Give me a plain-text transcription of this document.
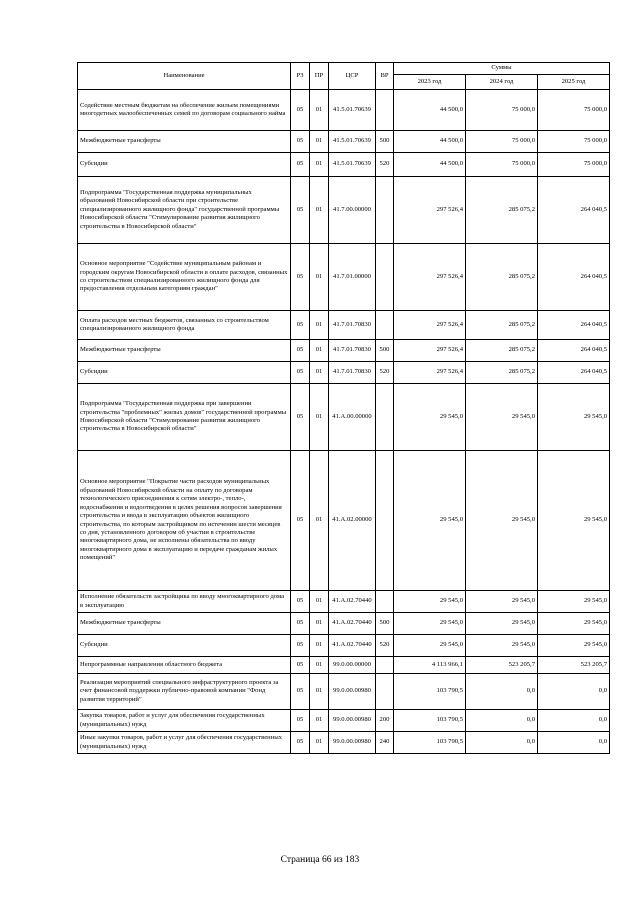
Наименование	РЗ	ПР	ЦСР	ВР	Суммы		
					2023 год	2024 год	2025 год
Содействие местным бюджетам на обеспечение жильем помещениями многодетных малообеспеченных семей по договорам социального найма	05	01	41.5.01.70639		44 500,0	75 000,0	75 000,0
Межбюджетные трансферты	05	01	41.5.01.70639	500	44 500,0	75 000,0	75 000,0
Субсидии	05	01	41.5.01.70639	520	44 500,0	75 000,0	75 000,0
Подпрограмма "Государственная поддержка муниципальных образований Новосибирской области при строительстве специализированного жилищного фонда" государственной программы Новосибирской области "Стимулирование развития жилищного строительства в Новосибирской области"	05	01	41.7.00.00000		297 526,4	285 075,2	264 040,5
Основное мероприятие "Содействие муниципальным районам и городским округам Новосибирской области в оплате расходов, связанных со строительством специализированного жилищного фонда для предоставления отдельным категориям граждан"	05	01	41.7.01.00000		297 526,4	285 075,2	264 040,5
Оплата расходов местных бюджетов, связанных со строительством специализированного жилищного фонда	05	01	41.7.01.70830		297 526,4	285 075,2	264 040,5
Межбюджетные трансферты	05	01	41.7.01.70830	500	297 526,4	285 075,2	264 040,5
Субсидии	05	01	41.7.01.70830	520	297 526,4	285 075,2	264 040,5
Подпрограмма "Государственная поддержка при завершении строительства "проблемных" жилых домов" государственной программы Новосибирской области "Стимулирование развития жилищного строительства в Новосибирской области"	05	01	41.А.00.00000		29 545,0	29 545,0	29 545,0
Основное мероприятие "Покрытие части расходов муниципальных образований Новосибирской области на оплату по договорам технологического присоединения к сетям электро-, тепло-, водоснабжения и водоотведения в целях решения вопросов завершения строительства и ввода в эксплуатацию объектов жилищного строительства, по которым застройщиком по истечении шести месяцев со дня, установленного договором об участии в строительстве многоквартирного дома, не исполнены обязательства по вводу многоквартирного дома в эксплуатацию и передаче гражданам жилых помещений"	05	01	41.А.02.00000		29 545,0	29 545,0	29 545,0
Исполнение обязательств застройщика по вводу многоквартирного дома в эксплуатацию	05	01	41.А.02.70440		29 545,0	29 545,0	29 545,0
Межбюджетные трансферты	05	01	41.А.02.70440	500	29 545,0	29 545,0	29 545,0
Субсидии	05	01	41.А.02.70440	520	29 545,0	29 545,0	29 545,0
Непрограммные направления областного бюджета	05	01	99.0.00.00000		4 113 966,1	523 205,7	523 205,7
Реализация мероприятий специального инфраструктурного проекта за счет финансовой поддержки публично-правовой компании "Фонд развития территорий"	05	01	99.0.00.00980		103 790,5	0,0	0,0
Закупка товаров, работ и услуг для обеспечения государственных (муниципальных) нужд	05	01	99.0.00.00980	200	103 790,5	0,0	0,0
Иные закупки товаров, работ и услуг для обеспечения государственных (муниципальных) нужд	05	01	99.0.00.00980	240	103 790,5	0,0	0,0
Страница 66 из 183
